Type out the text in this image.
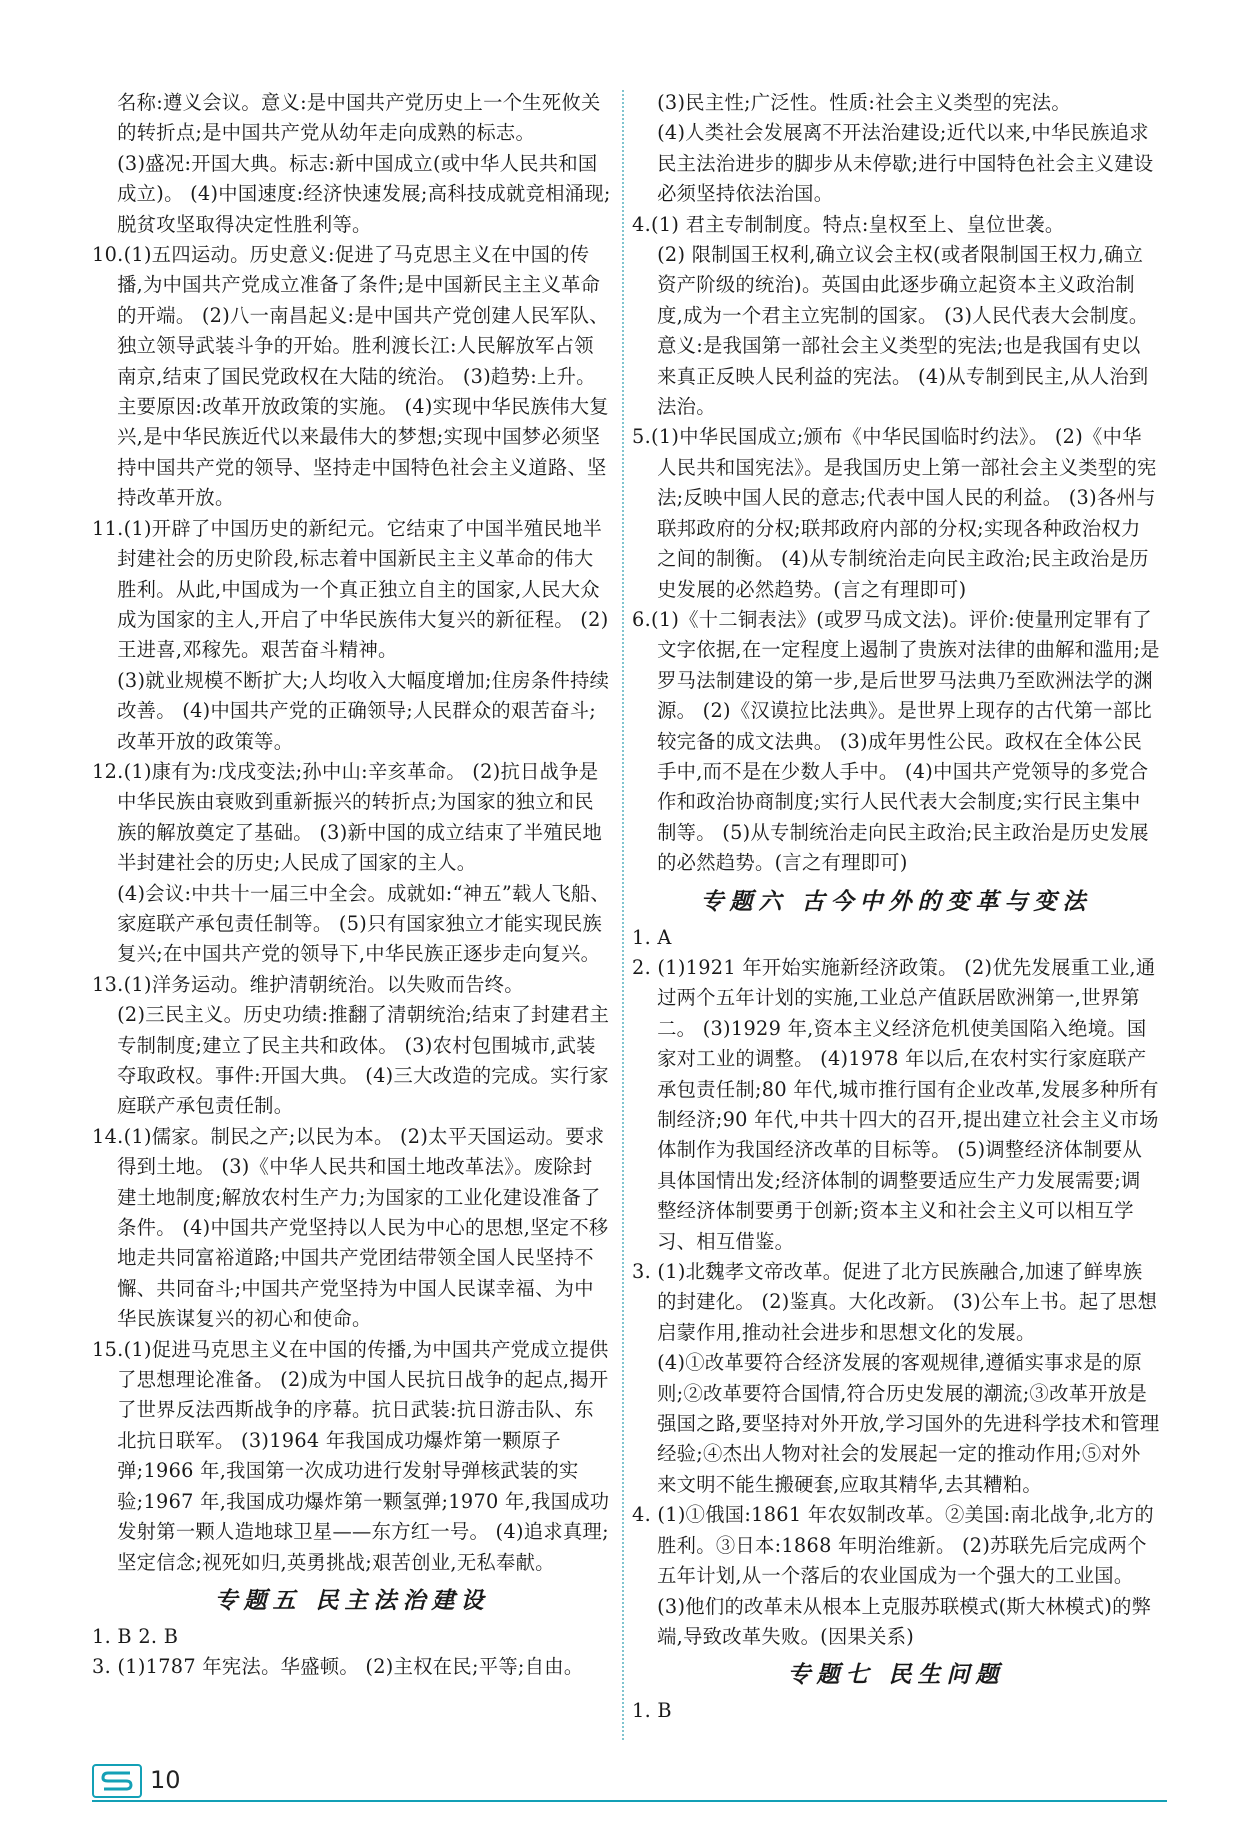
名称:遵义会议。意义:是中国共产党历史上一个生死攸关的转折点;是中国共产党从幼年走向成熟的标志。

(3)盛况:开国大典。标志:新中国成立(或中华人民共和国成立)。 (4)中国速度:经济快速发展;高科技成就竞相涌现;脱贫攻坚取得决定性胜利等。

10.(1)五四运动。历史意义:促进了马克思主义在中国的传播,为中国共产党成立准备了条件;是中国新民主主义革命的开端。 (2)八一南昌起义:是中国共产党创建人民军队、独立领导武装斗争的开始。胜利渡长江:人民解放军占领南京,结束了国民党政权在大陆的统治。 (3)趋势:上升。主要原因:改革开放政策的实施。 (4)实现中华民族伟大复兴,是中华民族近代以来最伟大的梦想;实现中国梦必须坚持中国共产党的领导、坚持走中国特色社会主义道路、坚持改革开放。

11.(1)开辟了中国历史的新纪元。它结束了中国半殖民地半封建社会的历史阶段,标志着中国新民主主义革命的伟大胜利。从此,中国成为一个真正独立自主的国家,人民大众成为国家的主人,开启了中华民族伟大复兴的新征程。 (2)王进喜,邓稼先。艰苦奋斗精神。

(3)就业规模不断扩大;人均收入大幅度增加;住房条件持续改善。 (4)中国共产党的正确领导;人民群众的艰苦奋斗;改革开放的政策等。

12.(1)康有为:戊戌变法;孙中山:辛亥革命。 (2)抗日战争是中华民族由衰败到重新振兴的转折点;为国家的独立和民族的解放奠定了基础。 (3)新中国的成立结束了半殖民地半封建社会的历史;人民成了国家的主人。

(4)会议:中共十一届三中全会。成就如:“神五”载人飞船、家庭联产承包责任制等。 (5)只有国家独立才能实现民族复兴;在中国共产党的领导下,中华民族正逐步走向复兴。

13.(1)洋务运动。维护清朝统治。以失败而告终。

(2)三民主义。历史功绩:推翻了清朝统治;结束了封建君主专制制度;建立了民主共和政体。 (3)农村包围城市,武装夺取政权。事件:开国大典。 (4)三大改造的完成。实行家庭联产承包责任制。

14.(1)儒家。制民之产;以民为本。 (2)太平天国运动。要求得到土地。 (3)《中华人民共和国土地改革法》。废除封建土地制度;解放农村生产力;为国家的工业化建设准备了条件。 (4)中国共产党坚持以人民为中心的思想,坚定不移地走共同富裕道路;中国共产党团结带领全国人民坚持不懈、共同奋斗;中国共产党坚持为中国人民谋幸福、为中华民族谋复兴的初心和使命。

15.(1)促进马克思主义在中国的传播,为中国共产党成立提供了思想理论准备。 (2)成为中国人民抗日战争的起点,揭开了世界反法西斯战争的序幕。抗日武装:抗日游击队、东北抗日联军。 (3)1964 年我国成功爆炸第一颗原子弹;1966 年,我国第一次成功进行发射导弹核武装的实验;1967 年,我国成功爆炸第一颗氢弹;1970 年,我国成功发射第一颗人造地球卫星——东方红一号。 (4)追求真理;坚定信念;视死如归,英勇挑战;艰苦创业,无私奉献。

专题五 民主法治建设

1. B 2. B

3. (1)1787 年宪法。华盛顿。 (2)主权在民;平等;自由。

(3)民主性;广泛性。性质:社会主义类型的宪法。

(4)人类社会发展离不开法治建设;近代以来,中华民族追求民主法治进步的脚步从未停歇;进行中国特色社会主义建设必须坚持依法治国。

4.(1) 君主专制制度。特点:皇权至上、皇位世袭。

(2) 限制国王权利,确立议会主权(或者限制国王权力,确立资产阶级的统治)。英国由此逐步确立起资本主义政治制度,成为一个君主立宪制的国家。 (3)人民代表大会制度。意义:是我国第一部社会主义类型的宪法;也是我国有史以来真正反映人民利益的宪法。 (4)从专制到民主,从人治到法治。

5.(1)中华民国成立;颁布《中华民国临时约法》。 (2)《中华人民共和国宪法》。是我国历史上第一部社会主义类型的宪法;反映中国人民的意志;代表中国人民的利益。 (3)各州与联邦政府的分权;联邦政府内部的分权;实现各种政治权力之间的制衡。 (4)从专制统治走向民主政治;民主政治是历史发展的必然趋势。(言之有理即可)

6.(1)《十二铜表法》(或罗马成文法)。评价:使量刑定罪有了文字依据,在一定程度上遏制了贵族对法律的曲解和滥用;是罗马法制建设的第一步,是后世罗马法典乃至欧洲法学的渊源。 (2)《汉谟拉比法典》。是世界上现存的古代第一部比较完备的成文法典。 (3)成年男性公民。政权在全体公民手中,而不是在少数人手中。 (4)中国共产党领导的多党合作和政治协商制度;实行人民代表大会制度;实行民主集中制等。 (5)从专制统治走向民主政治;民主政治是历史发展的必然趋势。(言之有理即可)

专题六 古今中外的变革与变法

1. A

2. (1)1921 年开始实施新经济政策。 (2)优先发展重工业,通过两个五年计划的实施,工业总产值跃居欧洲第一,世界第二。 (3)1929 年,资本主义经济危机使美国陷入绝境。国家对工业的调整。 (4)1978 年以后,在农村实行家庭联产承包责任制;80 年代,城市推行国有企业改革,发展多种所有制经济;90 年代,中共十四大的召开,提出建立社会主义市场体制作为我国经济改革的目标等。 (5)调整经济体制要从具体国情出发;经济体制的调整要适应生产力发展需要;调整经济体制要勇于创新;资本主义和社会主义可以相互学习、相互借鉴。

3. (1)北魏孝文帝改革。促进了北方民族融合,加速了鲜卑族的封建化。 (2)鉴真。大化改新。 (3)公车上书。起了思想启蒙作用,推动社会进步和思想文化的发展。

(4)①改革要符合经济发展的客观规律,遵循实事求是的原则;②改革要符合国情,符合历史发展的潮流;③改革开放是强国之路,要坚持对外开放,学习国外的先进科学技术和管理经验;④杰出人物对社会的发展起一定的推动作用;⑤对外来文明不能生搬硬套,应取其精华,去其糟粕。

4. (1)①俄国:1861 年农奴制改革。②美国:南北战争,北方的胜利。③日本:1868 年明治维新。 (2)苏联先后完成两个五年计划,从一个落后的农业国成为一个强大的工业国。 (3)他们的改革未从根本上克服苏联模式(斯大林模式)的弊端,导致改革失败。(因果关系)

专题七 民生问题

1. B

10
